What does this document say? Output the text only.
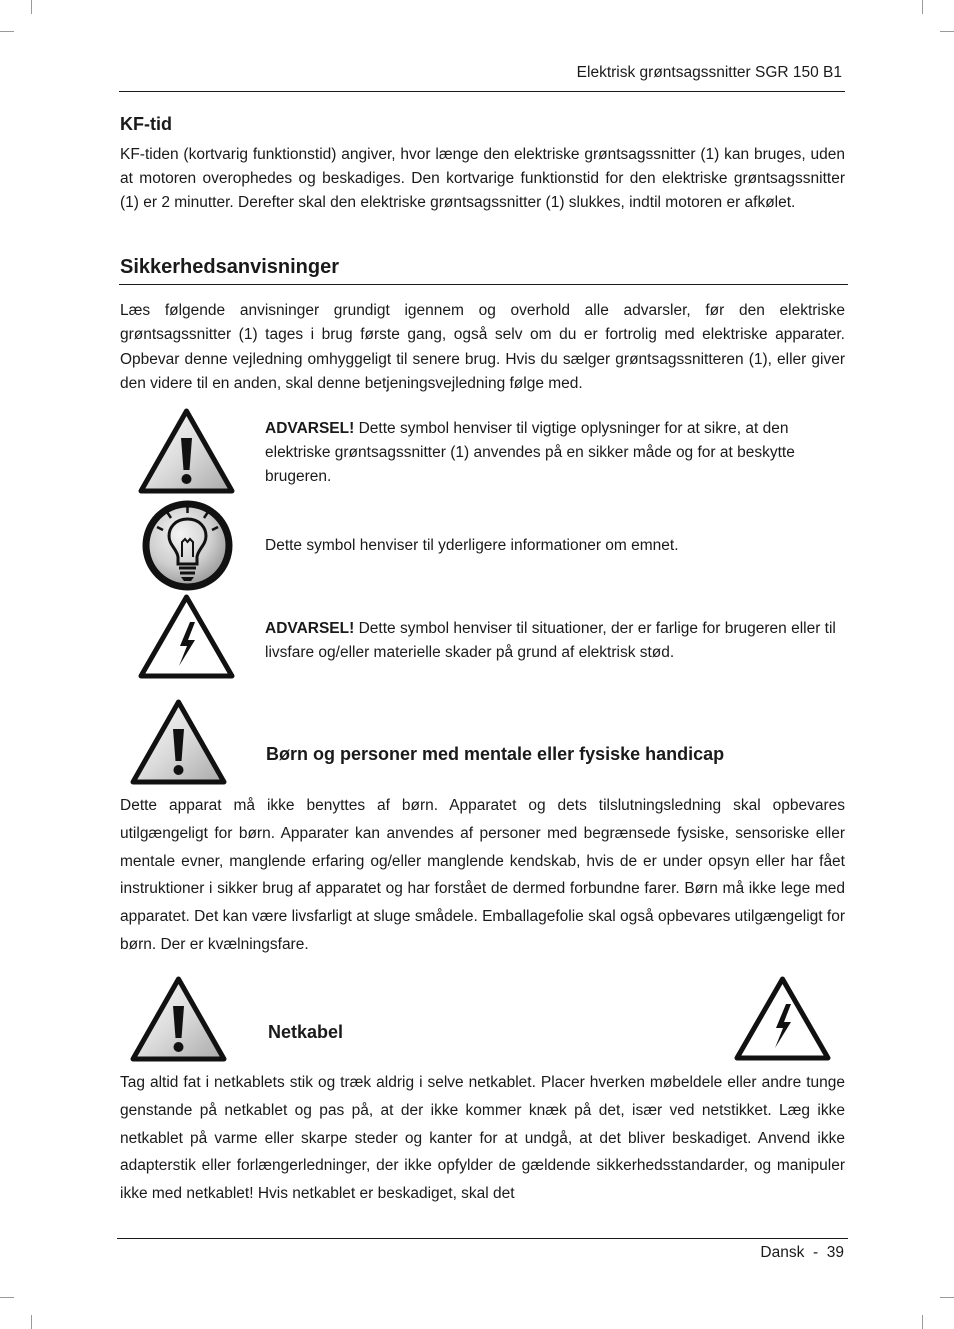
Elektrisk grøntsagssnitter SGR 150 B1
KF-tid

KF-tiden (kortvarig funktionstid) angiver, hvor længe den elektriske grøntsagssnitter (1) kan bruges, uden at motoren overophedes og beskadiges. Den kortvarige funktionstid for den elektriske grøntsagssnitter (1) er 2 minutter. Derefter skal den elektriske grøntsagssnitter (1) slukkes, indtil motoren er afkølet.

Sikkerhedsanvisninger

Læs følgende anvisninger grundigt igennem og overhold alle advarsler, før den elektriske grøntsagssnitter (1) tages i brug første gang, også selv om du er fortrolig med elektriske apparater. Opbevar denne vejledning omhyggeligt til senere brug. Hvis du sælger grøntsagssnitteren (1), eller giver den videre til en anden, skal denne betjeningsvejledning følge med.

ADVARSEL! Dette symbol henviser til vigtige oplysninger for at sikre, at den elektriske grøntsagssnitter (1) anvendes på en sikker måde og for at beskytte brugeren.

Dette symbol henviser til yderligere informationer om emnet.

ADVARSEL! Dette symbol henviser til situationer, der er farlige for brugeren eller til livsfare og/eller materielle skader på grund af elektrisk stød.

Børn og personer med mentale eller fysiske handicap

Dette apparat må ikke benyttes af børn. Apparatet og dets tilslutningsledning skal opbevares utilgængeligt for børn. Apparater kan anvendes af personer med begrænsede fysiske, sensoriske eller mentale evner, manglende erfaring og/eller manglende kendskab, hvis de er under opsyn eller har fået instruktioner i sikker brug af apparatet og har forstået de dermed forbundne farer. Børn må ikke lege med apparatet. Det kan være livsfarligt at sluge smådele. Emballagefolie skal også opbevares utilgængeligt for børn. Der er kvælningsfare.

Netkabel

Tag altid fat i netkablets stik og træk aldrig i selve netkablet. Placer hverken møbeldele eller andre tunge genstande på netkablet og pas på, at der ikke kommer knæk på det, især ved netstikket. Læg ikke netkablet på varme eller skarpe steder og kanter for at undgå, at det bliver beskadiget. Anvend ikke adapterstik eller forlængerledninger, der ikke opfylder de gældende sikkerhedsstandarder, og manipuler ikke med netkablet! Hvis netkablet er beskadiget, skal det

Dansk  -  39
